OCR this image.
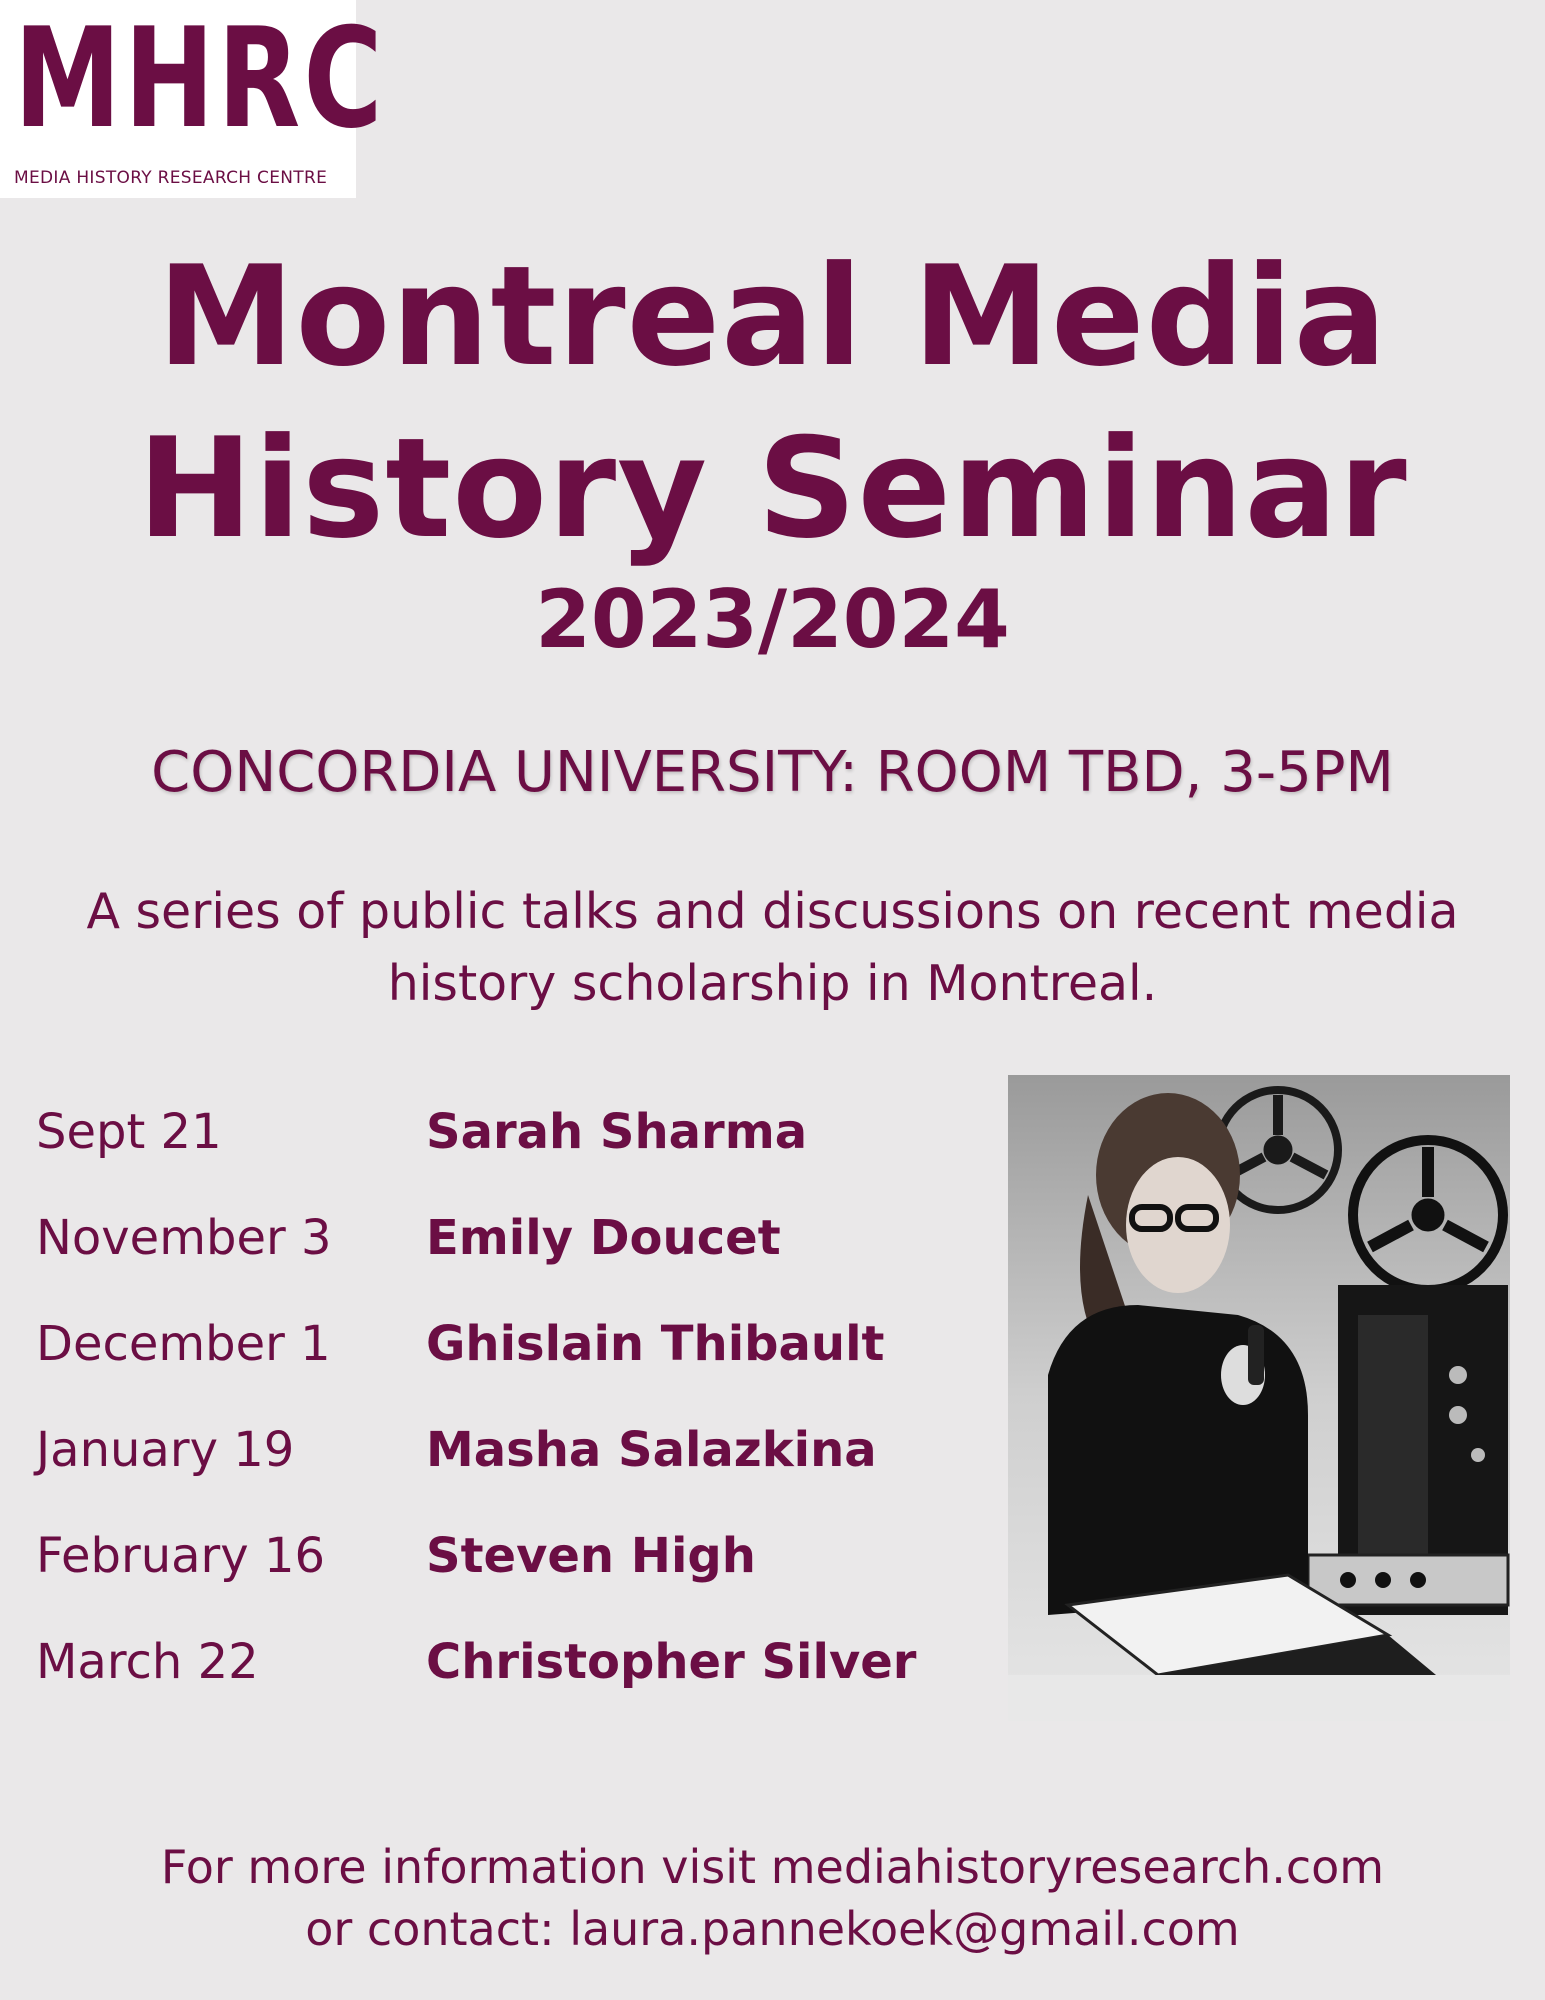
MHRC
MEDIA HISTORY RESEARCH CENTRE
Montreal Media
History Seminar
2023/2024
CONCORDIA UNIVERSITY: ROOM TBD, 3-5PM
A series of public talks and discussions on recent media history scholarship in Montreal.
Sept 21	Sarah Sharma
November 3 Emily Doucet
December 1 Ghislain Thibault
January 19	Masha Salazkina
February 16 Steven High
March 22	Christopher Silver
For more information visit mediahistoryresearch.com
or contact: laura.pannekoek@gmail.com
